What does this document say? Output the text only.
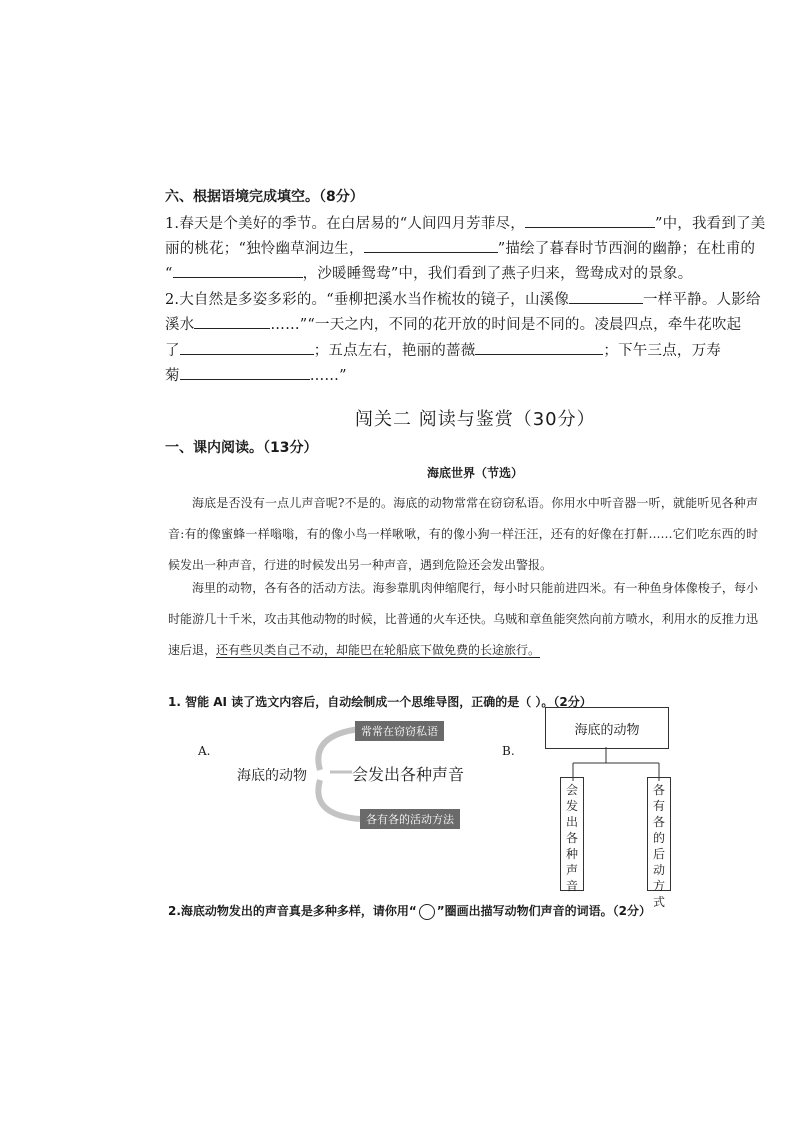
六、根据语境完成填空。（8分）
1.春天是个美好的季节。在白居易的“人间四月芳菲尽，	”中，我看到了美
丽的桃花；“独怜幽草涧边生，	”描绘了暮春时节西涧的幽静；在杜甫的
“	，沙暖睡鸳鸯”中，我们看到了燕子归来，鸳鸯成对的景象。
2.大自然是多姿多彩的。“垂柳把溪水当作梳妆的镜子，山溪像	一样平静。人影给
溪水	……”“一天之内，不同的花开放的时间是不同的。凌晨四点，牵牛花吹起
了	；五点左右，艳丽的蔷薇	；下午三点，万寿
菊	……”
闯关二 阅读与鉴赏（30分）
一、课内阅读。（13分）
海底世界（节选）
海底是否没有一点儿声音呢?不是的。海底的动物常常在窃窃私语。你用水中听音器一听，就能听见各种声音:有的像蜜蜂一样嗡嗡，有的像小鸟一样啾啾，有的像小狗一样汪汪，还有的好像在打鼾……它们吃东西的时候发出一种声音，行进的时候发出另一种声音，遇到危险还会发出警报。
海里的动物，各有各的活动方法。海参靠肌肉伸缩爬行，每小时只能前进四米。有一种鱼身体像梭子，每小时能游几十千米，攻击其他动物的时候，比普通的火车还快。乌贼和章鱼能突然向前方喷水，利用水的反推力迅速后退，还有些贝类自己不动，却能巴在轮船底下做免费的长途旅行。
1. 智能 AI 读了选文内容后，自动绘制成一个思维导图，正确的是（ ）。（2分）
A.	B.
常常在窃窃私语
海底的动物	会发出各种声音
各有各的活动方法
海底的动物
会
发
出
各
种
声
音
各
有
各
的
后
动
方
式
2.海底动物发出的声音真是多种多样，请你用“ ”圈画出描写动物们声音的词语。（2分）
